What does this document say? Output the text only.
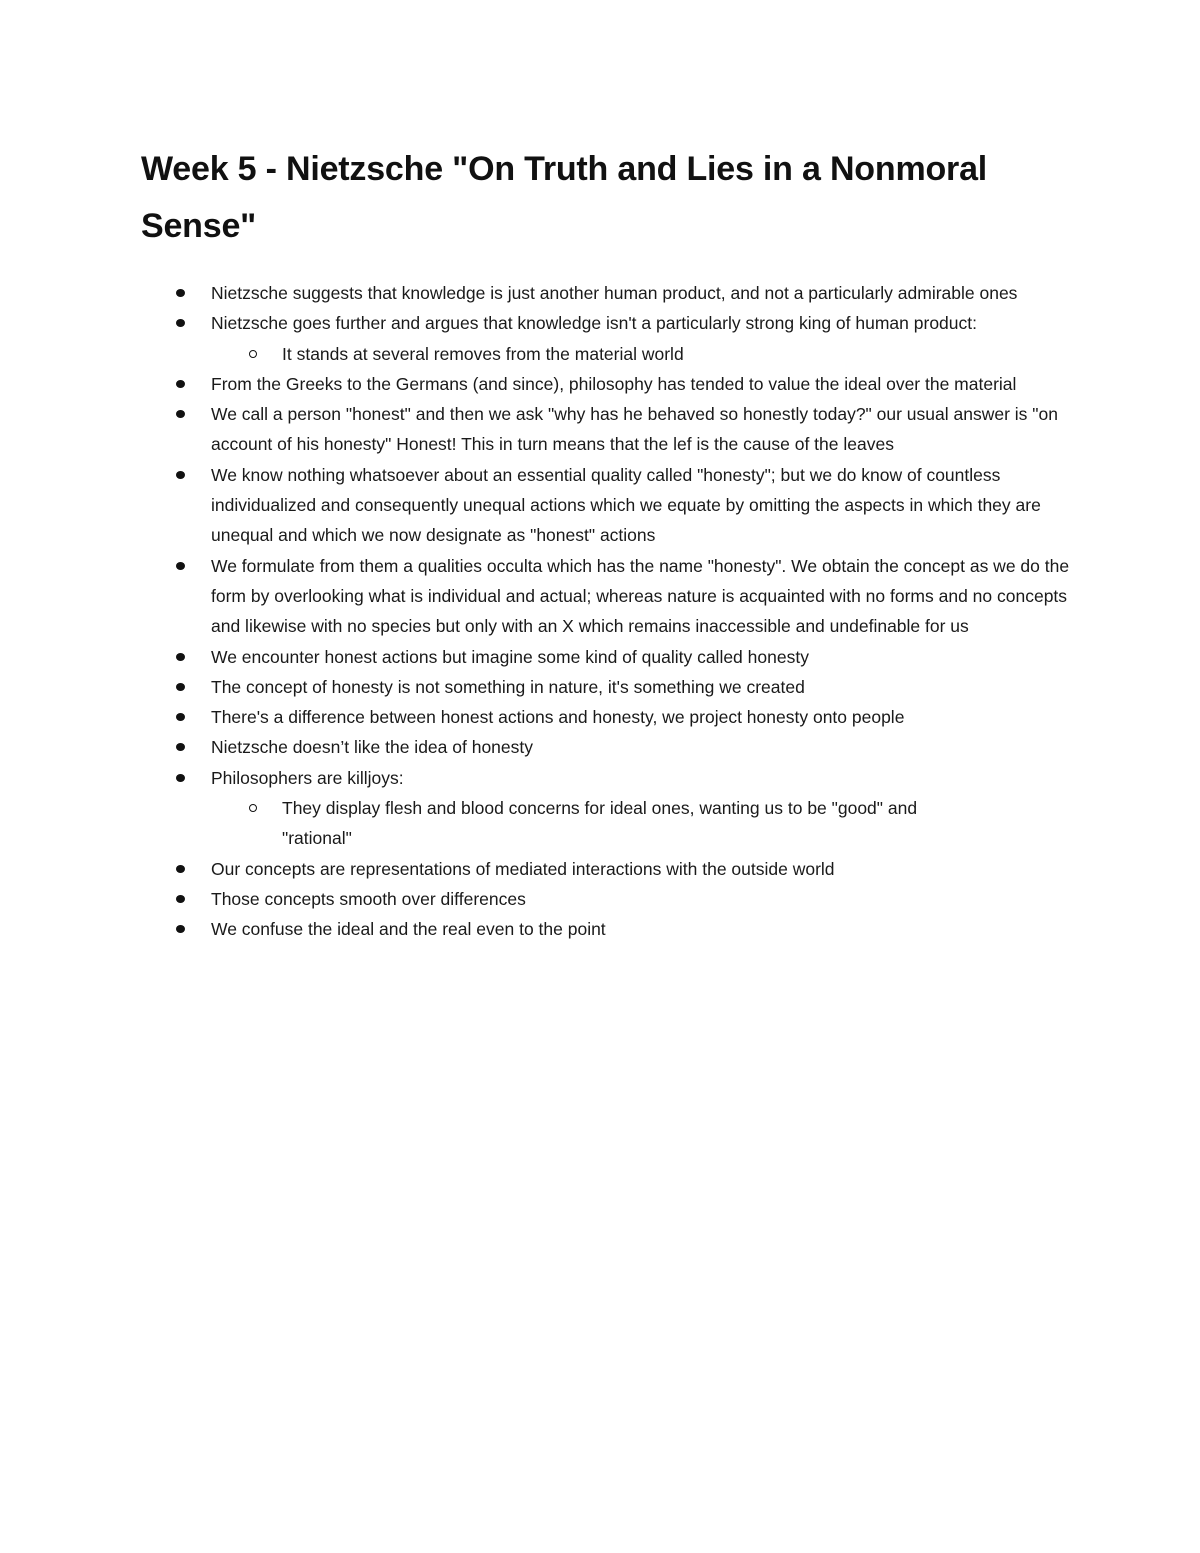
Week 5 - Nietzsche "On Truth and Lies in a Nonmoral Sense"
Nietzsche suggests that knowledge is just another human product, and not a particularly admirable ones
Nietzsche goes further and argues that knowledge isn't a particularly strong king of human product:
It stands at several removes from the material world
From the Greeks to the Germans (and since), philosophy has tended to value the ideal over the material
We call a person "honest" and then we ask "why has he behaved so honestly today?" our usual answer is "on account of his honesty" Honest! This in turn means that the lef is the cause of the leaves
We know nothing whatsoever about an essential quality called "honesty"; but we do know of countless individualized and consequently unequal actions which we equate by omitting the aspects in which they are unequal and which we now designate as "honest" actions
We formulate from them a qualities occulta which has the name "honesty". We obtain the concept as we do the form by overlooking what is individual and actual; whereas nature is acquainted with no forms and no concepts and likewise with no species but only with an X which remains inaccessible and undefinable for us
We encounter honest actions but imagine some kind of quality called honesty
The concept of honesty is not something in nature, it's something we created
There's a difference between honest actions and honesty, we project honesty onto people
Nietzsche doesn’t like the idea of honesty
Philosophers are killjoys:
They display flesh and blood concerns for ideal ones, wanting us to be "good" and "rational"
Our concepts are representations of mediated interactions with the outside world
Those concepts smooth over differences
We confuse the ideal and the real even to the point
